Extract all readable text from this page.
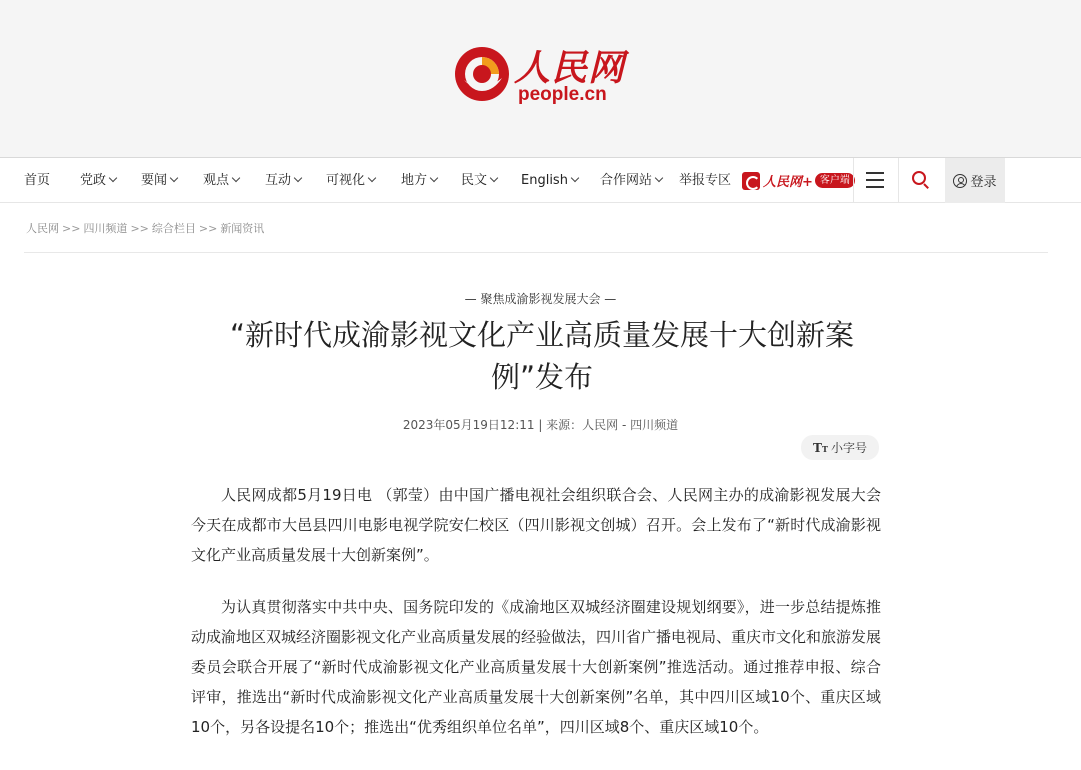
人民网
people.cn
首页 党政	要闻	观点	互动	可视化	地方	民文	English	合作网站	举报专区 人民网+ 客户端	登录
人民网 >> 四川频道 >> 综合栏目 >> 新闻资讯
— 聚焦成渝影视发展大会 —
“新时代成渝影视文化产业高质量发展十大创新案例”发布
2023年05月19日12:11 | 来源：人民网 - 四川频道
TT 小字号

人民网成都5月19日电 （郭莹）由中国广播电视社会组织联合会、人民网主办的成渝影视发展大会今天在成都市大邑县四川电影电视学院安仁校区（四川影视文创城）召开。会上发布了“新时代成渝影视文化产业高质量发展十大创新案例”。

为认真贯彻落实中共中央、国务院印发的《成渝地区双城经济圈建设规划纲要》，进一步总结提炼推动成渝地区双城经济圈影视文化产业高质量发展的经验做法，四川省广播电视局、重庆市文化和旅游发展委员会联合开展了“新时代成渝影视文化产业高质量发展十大创新案例”推选活动。通过推荐申报、综合评审，推选出“新时代成渝影视文化产业高质量发展十大创新案例”名单，其中四川区域10个、重庆区域10个，另各设提名10个；推选出“优秀组织单位名单”，四川区域8个、重庆区域10个。
